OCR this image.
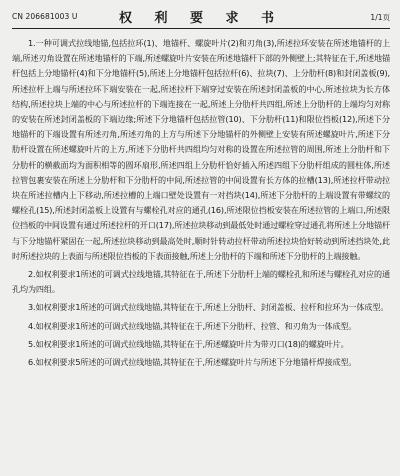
CN 206681003 U	权 利 要 求 书	1/1页

1.一种可调式拉线地锚,包括拉环(1)、地锚杆、螺旋叶片(2)和刃角(3),所述拉环安装在所述地锚杆的上端,所述刃角设置在所述地锚杆的下端,所述螺旋叶片安装在所述地锚杆下部的外侧壁上;其特征在于,所述地锚杆包括上分地锚杆(4)和下分地锚杆(5),所述上分地锚杆包括拉杆(6)、拉块(7)、上分肋杆(8)和封闭盖板(9),所述拉杆上端与所述拉环下端安装在一起,所述拉杆下端穿过安装在所述封闭盖板的中心,所述拉块为长方体结构,所述拉块上端的中心与所述拉杆的下端连接在一起,所述上分肋杆共四组,所述上分肋杆的上端均匀对称的安装在所述封闭盖板的下端边缘;所述下分地锚杆包括拉管(10)、下分肋杆(11)和限位挡板(12),所述下分地锚杆的下端设置有所述刃角,所述刃角的上方与所述下分地锚杆的外侧壁上安装有所述螺旋叶片,所述下分肋杆设置在所述螺旋叶片的上方,所述下分肋杆共四组均匀对称的设置在所述拉管的周围,所述上分肋杆和下分肋杆的横截面均为面积相等的圆环扇形,所述四组上分肋杆恰好插入所述四组下分肋杆组成的圆柱体,所述拉管包裹安装在所述上分肋杆和下分肋杆的中间,所述拉管的中间设置有长方体的拉槽(13),所述拉杆带动拉块在所述拉槽内上下移动,所述拉槽的上端口壁处设置有一对挡块(14),所述下分肋杆的上端设置有带螺纹的螺栓孔(15),所述封闭盖板上设置有与螺栓孔对应的通孔(16),所述限位挡板安装在所述拉管的上端口,所述限位挡板的中间设置有通过所述拉杆的开口(17),所述拉块移动到最低处时通过螺栓穿过通孔将所述上分地锚杆与下分地锚杆紧固在一起,所述拉块移动到最高处时,顺时针转动拉杆带动所述拉块恰好转动到所述挡块处,此时所述拉块的上表面与所述限位挡板的下表面接触,所述上分肋杆的下端和所述下分肋杆的上端接触。

2.如权利要求1所述的可调式拉线地锚,其特征在于,所述下分肋杆上端的螺栓孔和所述与螺栓孔对应的通孔均为四组。

3.如权利要求1所述的可调式拉线地锚,其特征在于,所述上分肋杆、封闭盖板、拉杆和拉环为一体成型。

4.如权利要求1所述的可调式拉线地锚,其特征在于,所述下分肋杆、拉管、和刃角为一体成型。

5.如权利要求1所述的可调式拉线地锚,其特征在于,所述螺旋叶片为带刃口(18)的螺旋叶片。

6.如权利要求5所述的可调式拉线地锚,其特征在于,所述螺旋叶片与所述下分地锚杆焊接成型。
